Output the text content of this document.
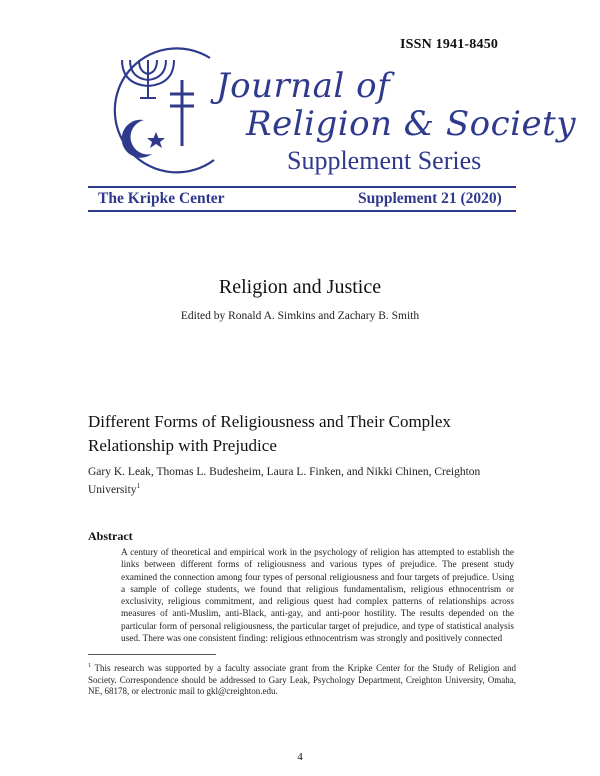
ISSN 1941-8450
Journal of
Religion & Society
Supplement Series
The Kripke Center	Supplement 21 (2020)
Religion and Justice
Edited by Ronald A. Simkins and Zachary B. Smith
Different Forms of Religiousness and Their Complex Relationship with Prejudice
Gary K. Leak, Thomas L. Budesheim, Laura L. Finken, and Nikki Chinen, Creighton University$^1$
Abstract
A century of theoretical and empirical work in the psychology of religion has attempted to establish the links between different forms of religiousness and various types of prejudice. The present study examined the connection among four types of personal religiousness and four targets of prejudice. Using a sample of college students, we found that religious fundamentalism, religious ethnocentrism or exclusivity, religious commitment, and religious quest had complex patterns of relationships across measures of anti-Muslim, anti-Black, anti-gay, and anti-poor hostility. The results depended on the particular form of personal religiousness, the particular target of prejudice, and type of statistical analysis used. There was one consistent finding: religious ethnocentrism was strongly and positively connected
$^1$ This research was supported by a faculty associate grant from the Kripke Center for the Study of Religion and Society. Correspondence should be addressed to Gary Leak, Psychology Department, Creighton University, Omaha, NE, 68178, or electronic mail to gkl@creighton.edu.
4
